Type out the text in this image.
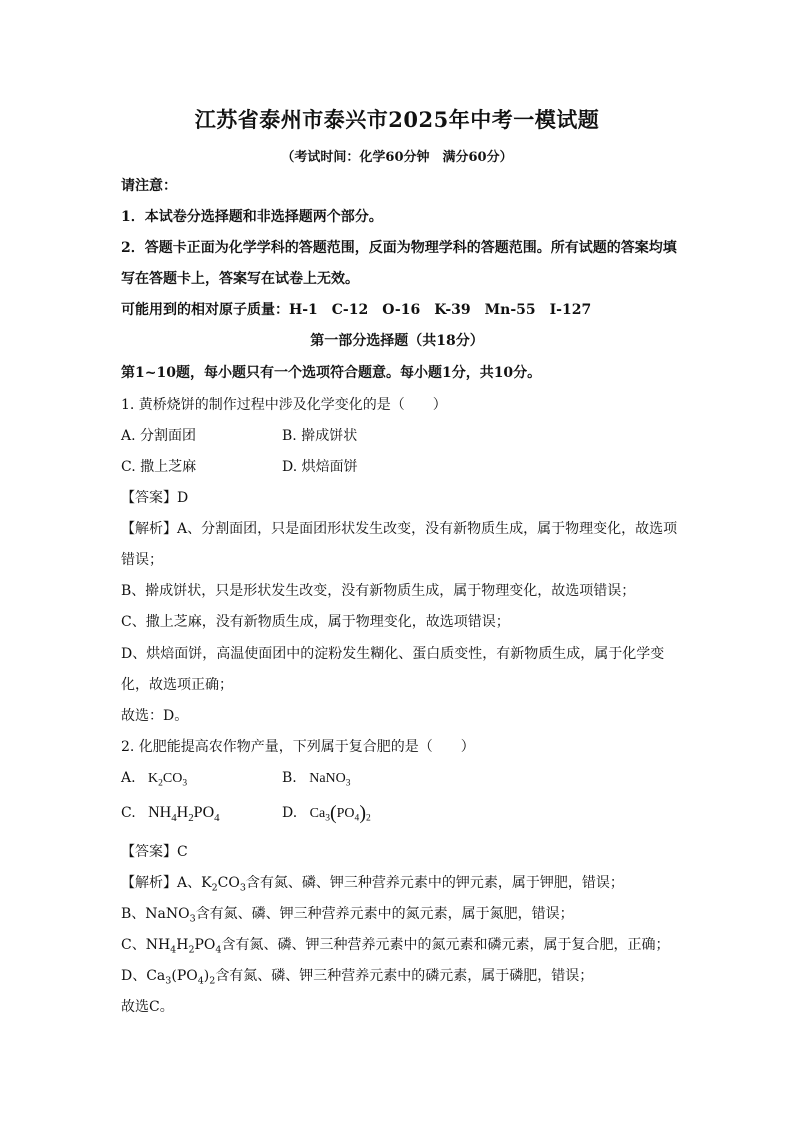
江苏省泰州市泰兴市2025年中考一模试题
（考试时间：化学60分钟　满分60分）
请注意：
1．本试卷分选择题和非选择题两个部分。
2．答题卡正面为化学学科的答题范围，反面为物理学科的答题范围。所有试题的答案均填
写在答题卡上，答案写在试卷上无效。
可能用到的相对原子质量：H-1　C-12　O-16　K-39　Mn-55　I-127
第一部分选择题（共18分）
第1~10题，每小题只有一个选项符合题意。每小题1分，共10分。
1. 黄桥烧饼的制作过程中涉及化学变化的是（　　）
A. 分割面团	B. 擀成饼状
C. 撒上芝麻	D. 烘焙面饼
【答案】D
【解析】A、分割面团，只是面团形状发生改变，没有新物质生成，属于物理变化，故选项
错误；
B、擀成饼状，只是形状发生改变，没有新物质生成，属于物理变化，故选项错误；
C、撒上芝麻，没有新物质生成，属于物理变化，故选项错误；
D、烘焙面饼，高温使面团中的淀粉发生糊化、蛋白质变性，有新物质生成，属于化学变
化，故选项正确；
故选：D。
2. 化肥能提高农作物产量，下列属于复合肥的是（　　）
A. $K_2CO_3$	B. NaNO$_3$
C. $NH_4H_2PO_4$	D. $Ca_3(PO_4)_2$
【答案】C
【解析】A、$K_2CO_3$含有氮、磷、钾三种营养元素中的钾元素，属于钾肥，错误；
B、NaNO$_3$含有氮、磷、钾三种营养元素中的氮元素，属于氮肥，错误；
C、$NH_4H_2PO_4$含有氮、磷、钾三种营养元素中的氮元素和磷元素，属于复合肥，正确；
D、$Ca_3(PO_4)_2$含有氮、磷、钾三种营养元素中的磷元素，属于磷肥，错误；
故选C。
